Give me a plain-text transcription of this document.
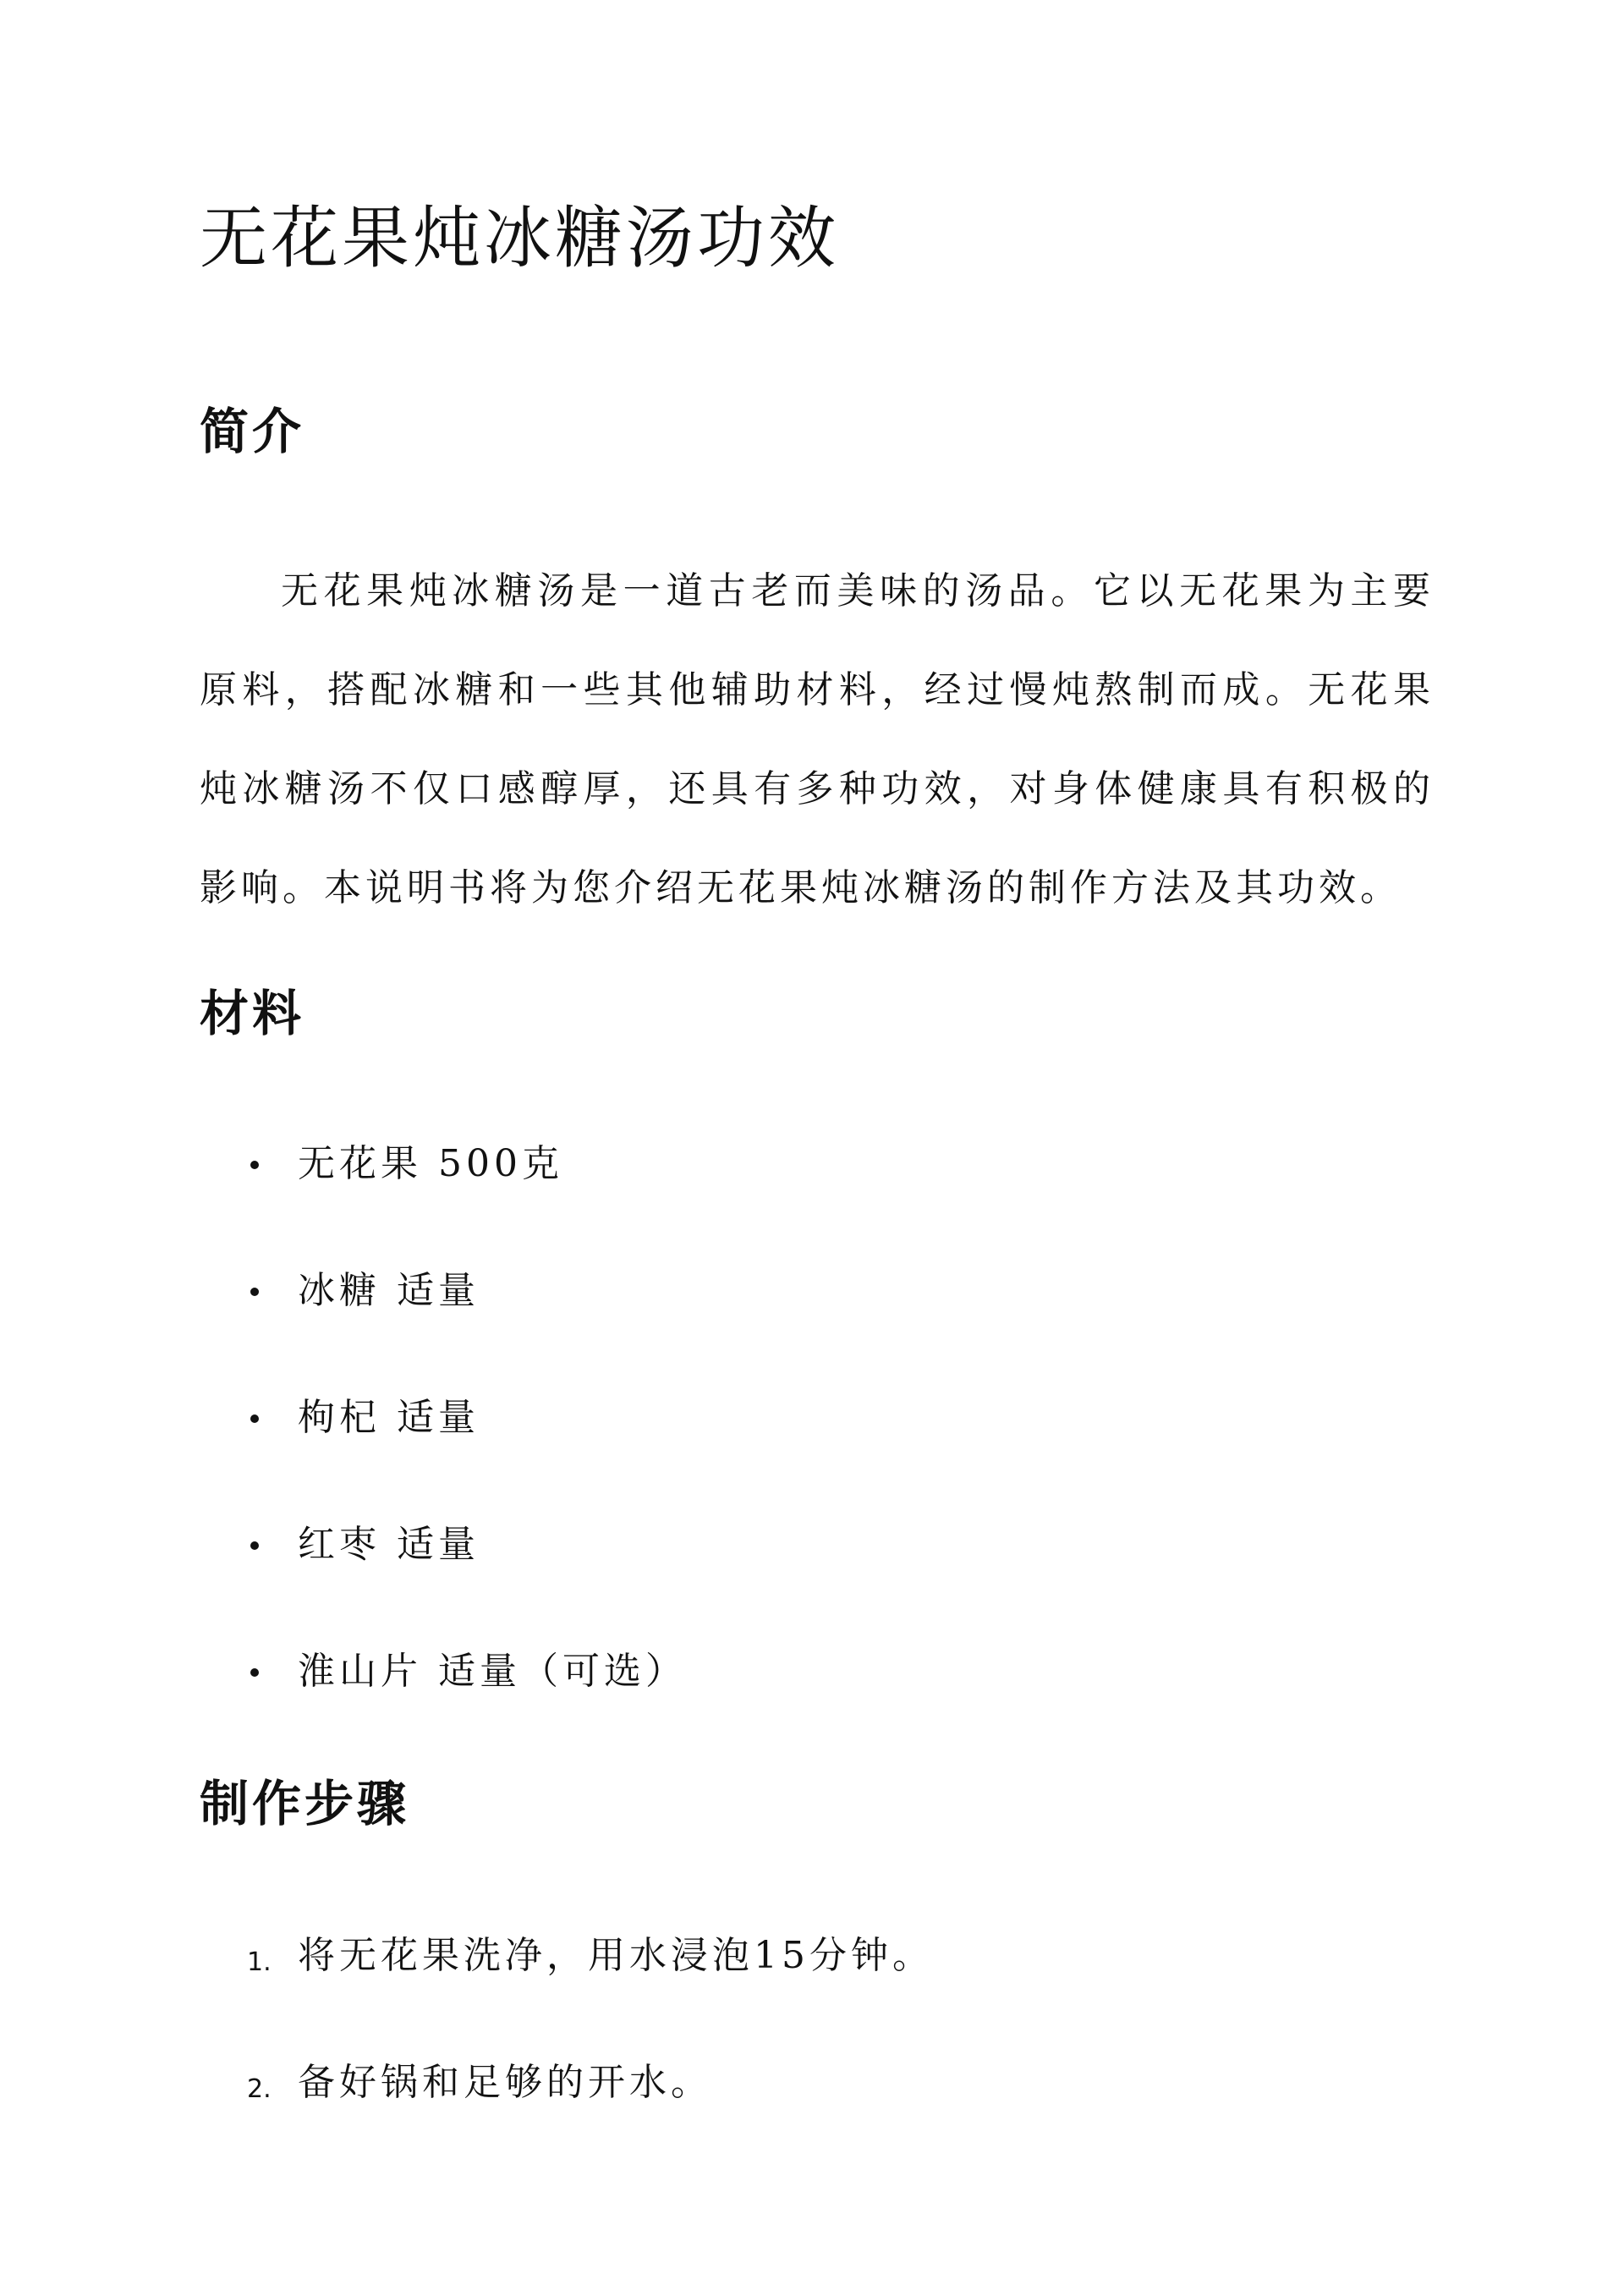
无花果炖冰糖汤功效
简介

无花果炖冰糖汤是一道古老而美味的汤品。它以无花果为主要原料，搭配冰糖和一些其他辅助材料，经过慢炖熬制而成。无花果炖冰糖汤不仅口感醇厚，还具有多种功效，对身体健康具有积极的影响。本说明书将为您介绍无花果炖冰糖汤的制作方法及其功效。

材料
无花果 500克
冰糖 适量
枸杞 适量
红枣 适量
淮山片 适量（可选）
制作步骤
1. 将无花果洗净，用水浸泡15分钟。
2. 备好锅和足够的开水。
